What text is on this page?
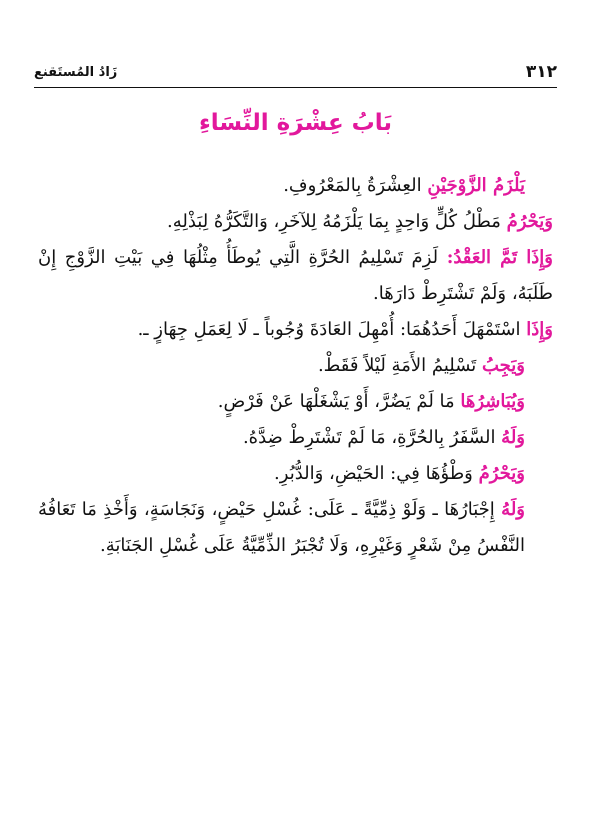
٣١٢
زَادُ المُستَقنع
بَابُ عِشْرَةِ النِّسَاءِ

يَلْزَمُ الزَّوْجَيْنِ العِشْرَةُ بِالمَعْرُوفِ.

وَيَحْرُمُ مَطْلُ كُلٍّ وَاحِدٍ بِمَا يَلْزَمُهُ لِلآخَرِ، وَالتَّكَرُّهُ لِبَذْلِهِ.

وَإِذَا تَمَّ العَقْدُ: لَزِمَ تَسْلِيمُ الحُرَّةِ الَّتِي يُوطَأُ مِثْلُهَا فِي بَيْتِ الزَّوْجِ إِنْ طَلَبَهُ، وَلَمْ تَشْتَرِطْ دَارَهَا.

وَإِذَا اسْتَمْهَلَ أَحَدُهُمَا: أُمْهِلَ العَادَةَ وُجُوباً ـ لَا لِعَمَلِ جِهَازٍ ـ.

وَيَجِبُ تَسْلِيمُ الأَمَةِ لَيْلاً فَقَطْ.

وَيُبَاشِرُهَا مَا لَمْ يَضُرَّ، أَوْ يَشْغَلْهَا عَنْ فَرْضٍ.

وَلَهُ السَّفَرُ بِالحُرَّةِ، مَا لَمْ تَشْتَرِطْ ضِدَّهُ.

وَيَحْرُمُ وَطْؤُهَا فِي: الحَيْضِ، وَالدُّبُرِ.

وَلَهُ إِجْبَارُهَا ـ وَلَوْ ذِمِّيَّةً ـ عَلَى: غُسْلِ حَيْضٍ، وَنَجَاسَةٍ، وَأَخْذِ مَا تَعَافُهُ النَّفْسُ مِنْ شَعْرٍ وَغَيْرِهِ، وَلَا تُجْبَرُ الذِّمِّيَّةُ عَلَى غُسْلِ الجَنَابَةِ.
